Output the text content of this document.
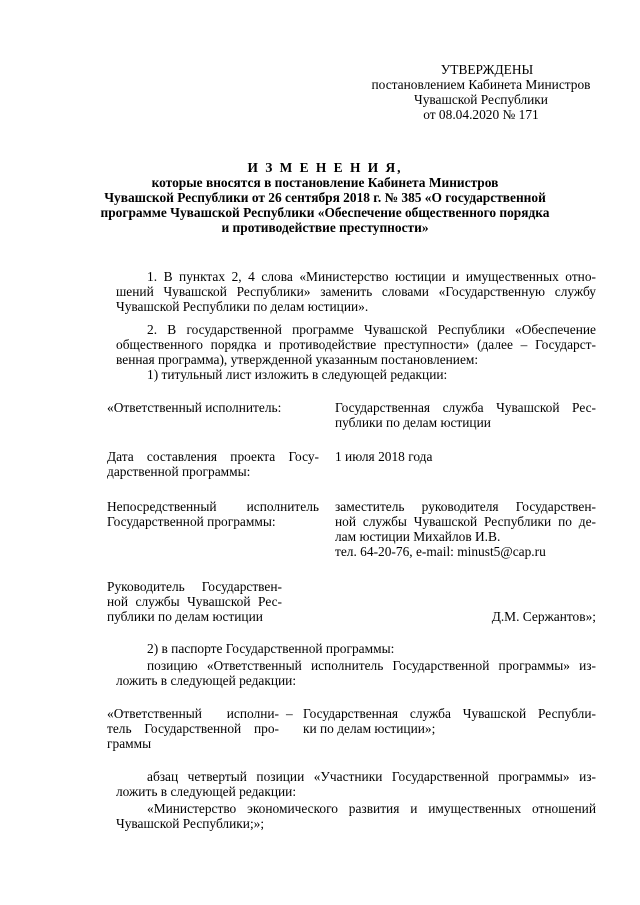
УТВЕРЖДЕНЫ
постановлением Кабинета Министров
Чувашской Республики
от 08.04.2020 № 171
И З М Е Н Е Н И Я,
которые вносятся в постановление Кабинета Министров
Чувашской Республики от 26 сентября 2018 г. № 385 «О государственной
программе Чувашской Республики «Обеспечение общественного порядка
и противодействие преступности»
1. В пунктах 2, 4 слова «Министерство юстиции и имущественных отно-
шений Чувашской Республики» заменить словами «Государственную службу
Чувашской Республики по делам юстиции».
2. В государственной программе Чувашской Республики «Обеспечение
общественного порядка и противодействие преступности» (далее – Государст-
венная программа), утвержденной указанным постановлением:
1) титульный лист изложить в следующей редакции:
«Ответственный исполнитель:	Государственная служба Чувашской Рес-
публики по делам юстиции
Дата составления проекта Госу-
дарственной программы:
1 июля 2018 года
Непосредственный исполнитель
Государственной программы:
заместитель руководителя Государствен-
ной службы Чувашской Республики по де-
лам юстиции Михайлов И.В.
тел. 64-20-76, e-mail: minust5@cap.ru
Руководитель Государствен-
ной службы Чувашской Рес-
публики по делам юстиции	Д.М. Сержантов»;
2) в паспорте Государственной программы:
позицию «Ответственный исполнитель Государственной программы» из-
ложить в следующей редакции:
«Ответственный исполни-
тель Государственной про-
граммы
– Государственная служба Чувашской Республи-
ки по делам юстиции»;
абзац четвертый позиции «Участники Государственной программы» из-
ложить в следующей редакции:
«Министерство экономического развития и имущественных отношений
Чувашской Республики;»;
